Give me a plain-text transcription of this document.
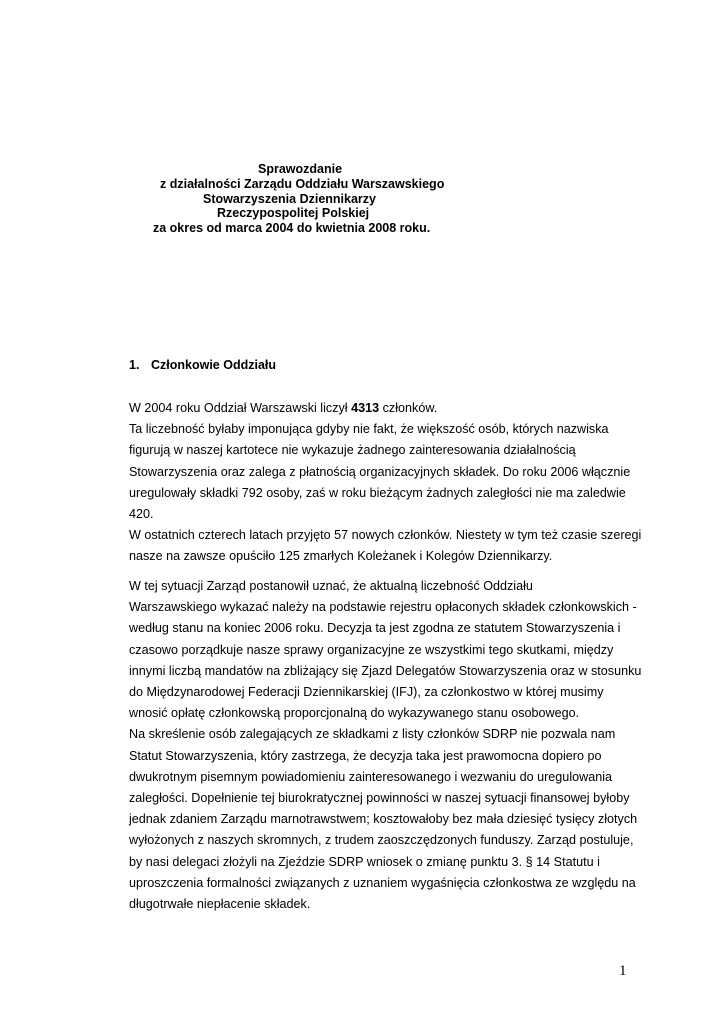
Sprawozdanie
z działalności Zarządu Oddziału Warszawskiego
Stowarzyszenia Dziennikarzy
Rzeczypospolitej Polskiej
za okres od marca 2004 do kwietnia 2008 roku.
1. Członkowie Oddziału
W 2004 roku Oddział Warszawski liczył 4313 członków.
Ta liczebność byłaby imponująca gdyby nie fakt, że większość osób, których nazwiska
figurują w naszej kartotece nie wykazuje żadnego zainteresowania działalnością
Stowarzyszenia oraz zalega z płatnością organizacyjnych składek. Do roku 2006 włącznie
uregulowały składki 792 osoby, zaś w roku bieżącym żadnych zaległości nie ma zaledwie
420.
W ostatnich czterech latach przyjęto 57 nowych członków. Niestety w tym też czasie szeregi
nasze na zawsze opuściło 125 zmarłych Koleżanek i Kolegów Dziennikarzy.
W tej sytuacji Zarząd postanowił uznać, że aktualną liczebność Oddziału
Warszawskiego wykazać należy na podstawie rejestru opłaconych składek członkowskich -
według stanu na koniec 2006 roku. Decyzja ta jest zgodna ze statutem Stowarzyszenia i
czasowo porządkuje nasze sprawy organizacyjne ze wszystkimi tego skutkami, między
innymi liczbą mandatów na zbliżający się Zjazd Delegatów Stowarzyszenia oraz w stosunku
do Międzynarodowej Federacji Dziennikarskiej (IFJ), za członkostwo w której musimy
wnosić opłatę członkowską proporcjonalną do wykazywanego stanu osobowego.
Na skreślenie osób zalegających ze składkami z listy członków SDRP nie pozwala nam
Statut Stowarzyszenia, który zastrzega, że decyzja taka jest prawomocna dopiero po
dwukrotnym pisemnym powiadomieniu zainteresowanego i wezwaniu do uregulowania
zaległości. Dopełnienie tej biurokratycznej powinności w naszej sytuacji finansowej byłoby
jednak zdaniem Zarządu marnotrawstwem; kosztowałoby bez mała dziesięć tysięcy złotych
wyłożonych z naszych skromnych, z trudem zaoszczędzonych funduszy. Zarząd postuluje,
by nasi delegaci złożyli na Zjeździe SDRP wniosek o zmianę punktu 3. § 14 Statutu i
uproszczenia formalności związanych z uznaniem wygaśnięcia członkostwa ze względu na
długotrwałe niepłacenie składek.
1
